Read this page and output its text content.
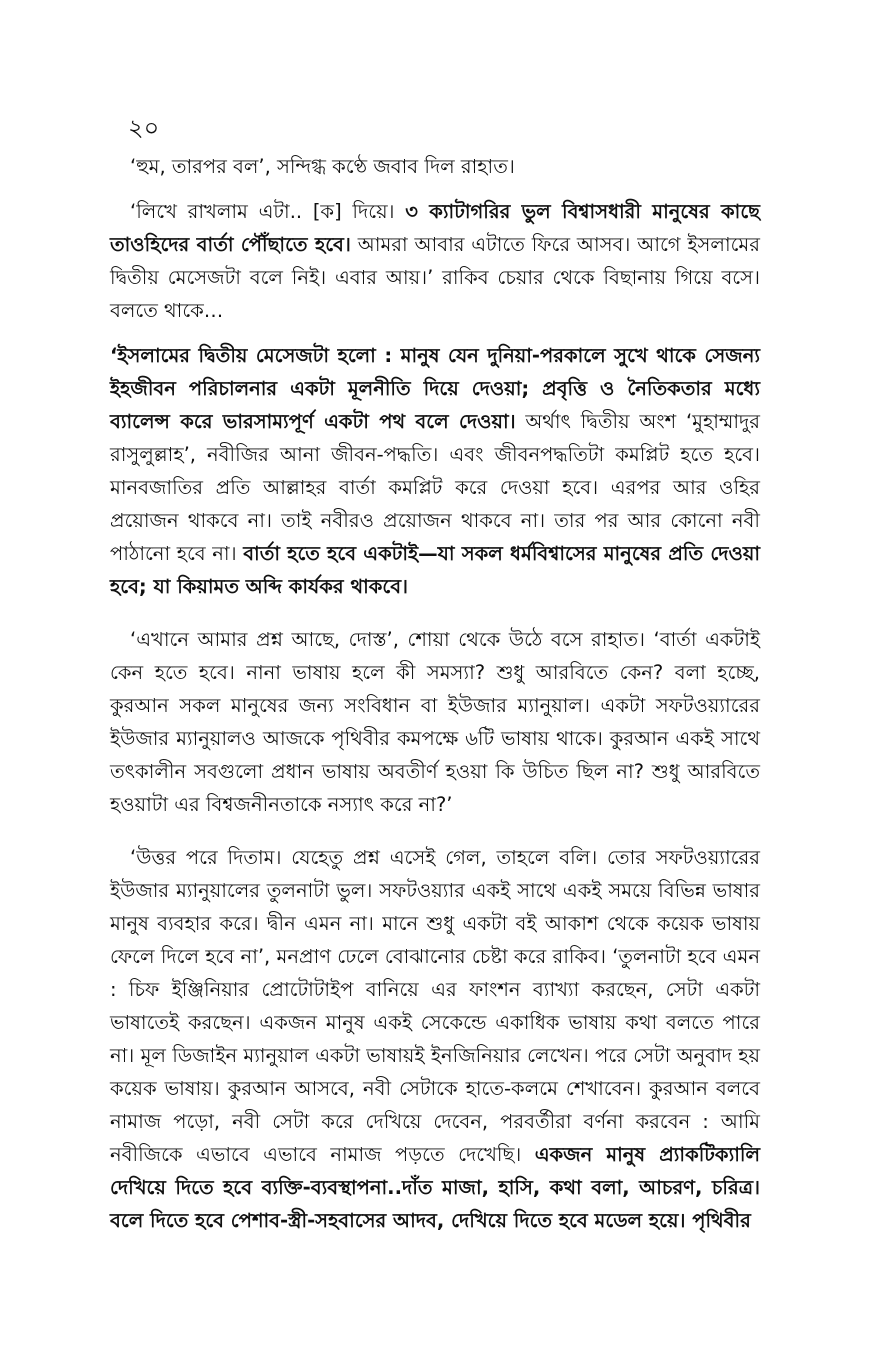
২০

‘হুম, তারপর বল’, সন্দিগ্ধ কণ্ঠে জবাব দিল রাহাত।

‘লিখে রাখলাম এটা.. [ক] দিয়ে। ৩ ক্যাটাগরির ভুল বিশ্বাসধারী মানুষের কাছে তাওহিদের বার্তা পৌঁছাতে হবে। আমরা আবার এটাতে ফিরে আসব। আগে ইসলামের দ্বিতীয় মেসেজটা বলে নিই। এবার আয়।’ রাকিব চেয়ার থেকে বিছানায় গিয়ে বসে। বলতে থাকে…

‘ইসলামের দ্বিতীয় মেসেজটা হলো : মানুষ যেন দুনিয়া-পরকালে সুখে থাকে সেজন্য ইহজীবন পরিচালনার একটা মূলনীতি দিয়ে দেওয়া; প্রবৃত্তি ও নৈতিকতার মধ্যে ব্যালেন্স করে ভারসাম্যপূর্ণ একটা পথ বলে দেওয়া। অর্থাৎ দ্বিতীয় অংশ ‘মুহাম্মাদুর রাসুলুল্লাহ’, নবীজির আনা জীবন-পদ্ধতি। এবং জীবনপদ্ধতিটা কমপ্লিট হতে হবে। মানবজাতির প্রতি আল্লাহর বার্তা কমপ্লিট করে দেওয়া হবে। এরপর আর ওহির প্রয়োজন থাকবে না। তাই নবীরও প্রয়োজন থাকবে না। তার পর আর কোনো নবী পাঠানো হবে না। বার্তা হতে হবে একটাই—যা সকল ধর্মবিশ্বাসের মানুষের প্রতি দেওয়া হবে; যা কিয়ামত অব্দি কার্যকর থাকবে।

‘এখানে আমার প্রশ্ন আছে, দোস্ত’, শোয়া থেকে উঠে বসে রাহাত। ‘বার্তা একটাই কেন হতে হবে। নানা ভাষায় হলে কী সমস্যা? শুধু আরবিতে কেন? বলা হচ্ছে, কুরআন সকল মানুষের জন্য সংবিধান বা ইউজার ম্যানুয়াল। একটা সফটওয়্যারের ইউজার ম্যানুয়ালও আজকে পৃথিবীর কমপক্ষে ৬টি ভাষায় থাকে। কুরআন একই সাথে তৎকালীন সবগুলো প্রধান ভাষায় অবতীর্ণ হওয়া কি উচিত ছিল না? শুধু আরবিতে হওয়াটা এর বিশ্বজনীনতাকে নস্যাৎ করে না?’

‘উত্তর পরে দিতাম। যেহেতু প্রশ্ন এসেই গেল, তাহলে বলি। তোর সফটওয়্যারের ইউজার ম্যানুয়ালের তুলনাটা ভুল। সফটওয়্যার একই সাথে একই সময়ে বিভিন্ন ভাষার মানুষ ব্যবহার করে। দ্বীন এমন না। মানে শুধু একটা বই আকাশ থেকে কয়েক ভাষায় ফেলে দিলে হবে না’, মনপ্রাণ ঢেলে বোঝানোর চেষ্টা করে রাকিব। ‘তুলনাটা হবে এমন : চিফ ইঞ্জিনিয়ার প্রোটোটাইপ বানিয়ে এর ফাংশন ব্যাখ্যা করছেন, সেটা একটা ভাষাতেই করছেন। একজন মানুষ একই সেকেন্ডে একাধিক ভাষায় কথা বলতে পারে না। মূল ডিজাইন ম্যানুয়াল একটা ভাষায়ই ইনজিনিয়ার লেখেন। পরে সেটা অনুবাদ হয় কয়েক ভাষায়। কুরআন আসবে, নবী সেটাকে হাতে-কলমে শেখাবেন। কুরআন বলবে নামাজ পড়ো, নবী সেটা করে দেখিয়ে দেবেন, পরবর্তীরা বর্ণনা করবেন : আমি নবীজিকে এভাবে এভাবে নামাজ পড়তে দেখেছি। একজন মানুষ প্র্যাকটিক্যালি দেখিয়ে দিতে হবে ব্যক্তি-ব্যবস্থাপনা..দাঁত মাজা, হাসি, কথা বলা, আচরণ, চরিত্র। বলে দিতে হবে পেশাব-স্ত্রী-সহবাসের আদব, দেখিয়ে দিতে হবে মডেল হয়ে। পৃথিবীর
